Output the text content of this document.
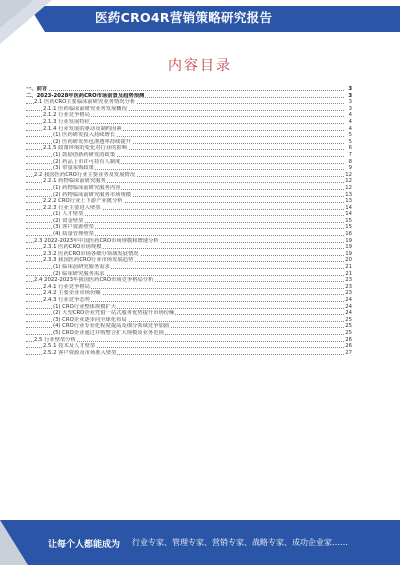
医药CRO4R营销策略研究报告
内容目录
一、前言	3
二、2023-2028年医药CRO市场前景及趋势预测	3
2.1 医药CRO主要临床前研究业务情况分析	3
2.1.1 医药临床前研究业务发展概况	3
2.1.2 行业竞争格局	4
2.1.3 行业发展特征	4
2.1.4 行业发展的驱动及制约因素	4
(1) 医药研发投入持续增长	5
(2) 医药研发外包渗透率持续提升	5
2.1.5 政策环境的变化对行业的影响	6
(1) 鼓励创新药研发的政策	7
(2) 药品上市许可持有人制度	8
(3) 带量采购政策	9
2.2 我国医药CRO行业主要业务及发展情况	12
2.2.1 药物临床前研究服务	12
(1) 药物临床前研究服务内容	12
(2) 药物临床前研究服务市场规模	13
2.2.2 CRO行业上下游产业链分析	13
2.2.3 行业主要进入壁垒	14
(1) 人才壁垒	14
(2) 资金壁垒	15
(3) 客户资源壁垒	15
(4) 质量管理壁垒	16
2.3 2022-2023年中国医药CRO市场规模和增速分析	19
2.3.1 医药CRO市场规模	19
2.3.2 医药CRO市场各细分领域发展情况	19
2.3.3 我国医药CRO行业市场发展趋势	20
(1) 临床前研究服务需求	21
(2) 临床研究服务需求	21
2.4 2022-2023年我国医药CRO市场竞争格局分析	23
2.4.1 行业竞争格局	23
2.4.2 主要企业市场份额	23
2.4.3 行业竞争态势	24
(1) CRO行业整体规模扩大	24
(2) 大型CRO企业凭借一站式服务优势提升市场份额	24
(3) CRO企业逐步向全球化布局	25
(4) CRO行业专业化程度提高及细分领域竞争加剧	25
(5) CRO企业通过并购整合扩大规模及业务范围	25
2.5 行业壁垒分析	26
2.5.1 技术及人才壁垒	26
2.5.2 客户资源及市场准入壁垒	27
让每个人都能成为 行业专家、管理专家、营销专家、战略专家、成功企业家……
